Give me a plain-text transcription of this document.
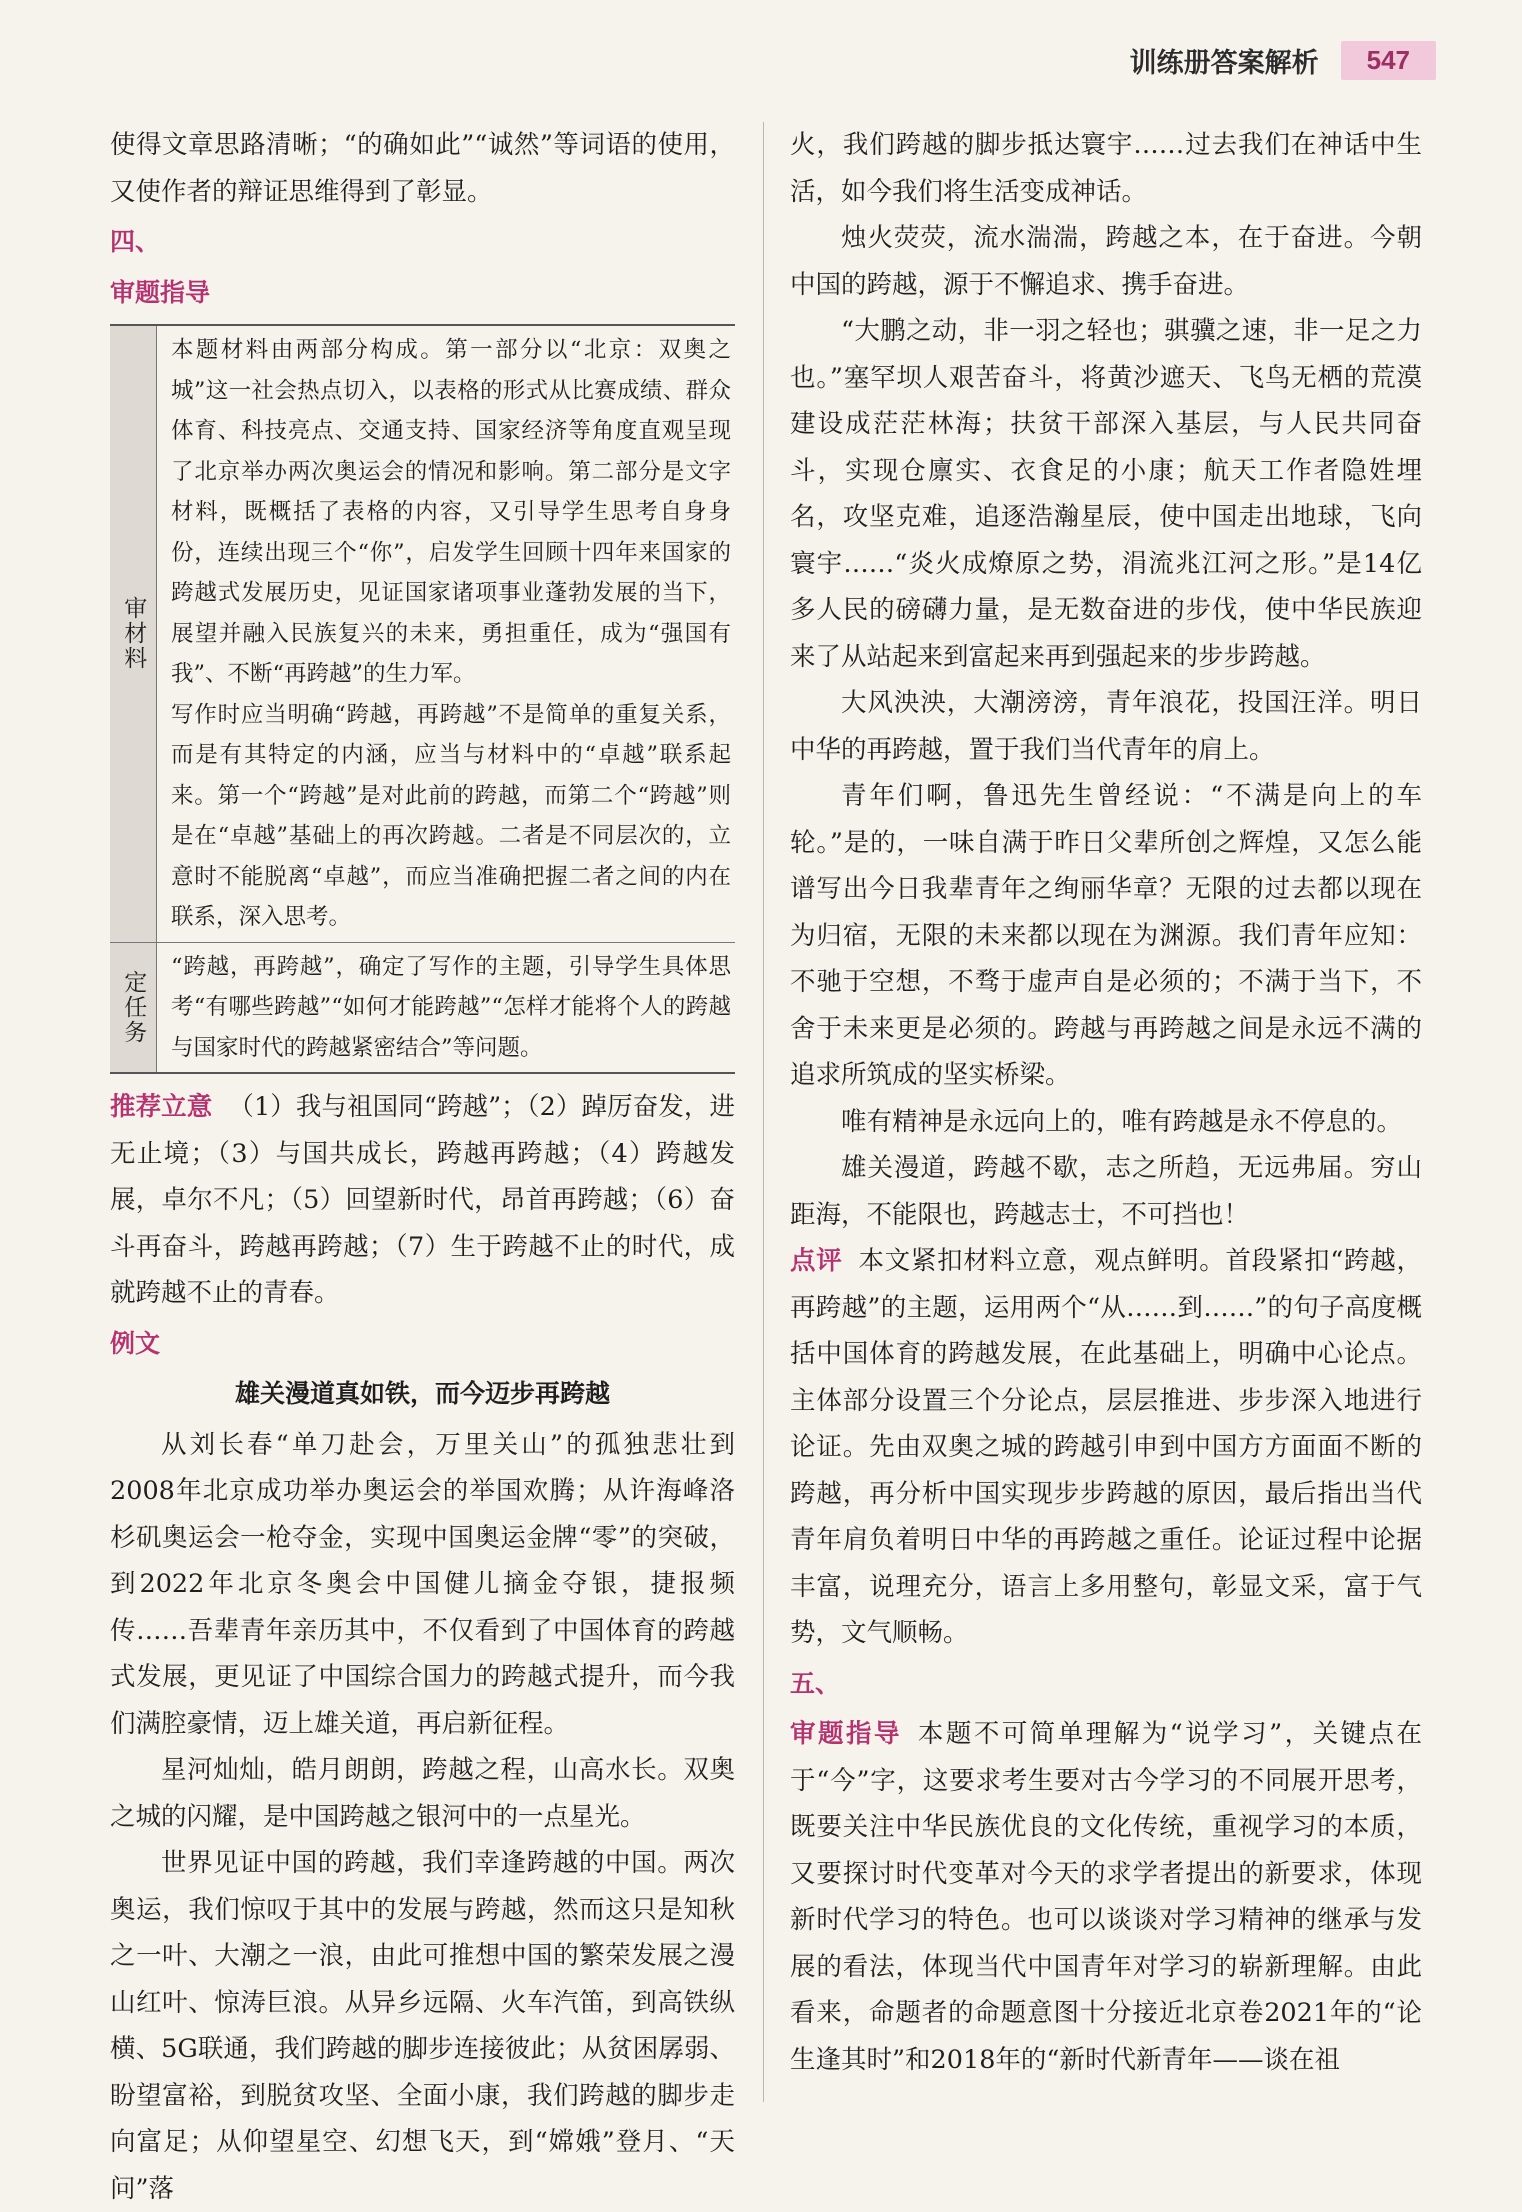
训练册答案解析	547

使得文章思路清晰；“的确如此”“诚然”等词语的使用，又使作者的辩证思维得到了彰显。

四、
审题指导
审材料

本题材料由两部分构成。第一部分以“北京：双奥之城”这一社会热点切入，以表格的形式从比赛成绩、群众体育、科技亮点、交通支持、国家经济等角度直观呈现了北京举办两次奥运会的情况和影响。第二部分是文字材料，既概括了表格的内容，又引导学生思考自身身份，连续出现三个“你”，启发学生回顾十四年来国家的跨越式发展历史，见证国家诸项事业蓬勃发展的当下，展望并融入民族复兴的未来，勇担重任，成为“强国有我”、不断“再跨越”的生力军。

写作时应当明确“跨越，再跨越”不是简单的重复关系，而是有其特定的内涵，应当与材料中的“卓越”联系起来。第一个“跨越”是对此前的跨越，而第二个“跨越”则是在“卓越”基础上的再次跨越。二者是不同层次的，立意时不能脱离“卓越”，而应当准确把握二者之间的内在联系，深入思考。

定任务

“跨越，再跨越”，确定了写作的主题，引导学生具体思考“有哪些跨越”“如何才能跨越”“怎样才能将个人的跨越与国家时代的跨越紧密结合”等问题。

推荐立意 （1）我与祖国同“跨越”；（2）踔厉奋发，进无止境；（3）与国共成长，跨越再跨越；（4）跨越发展，卓尔不凡；（5）回望新时代，昂首再跨越；（6）奋斗再奋斗，跨越再跨越；（7）生于跨越不止的时代，成就跨越不止的青春。

例文
雄关漫道真如铁，而今迈步再跨越

从刘长春“单刀赴会，万里关山”的孤独悲壮到2008年北京成功举办奥运会的举国欢腾；从许海峰洛杉矶奥运会一枪夺金，实现中国奥运金牌“零”的突破，到2022年北京冬奥会中国健儿摘金夺银，捷报频传……吾辈青年亲历其中，不仅看到了中国体育的跨越式发展，更见证了中国综合国力的跨越式提升，而今我们满腔豪情，迈上雄关道，再启新征程。

星河灿灿，皓月朗朗，跨越之程，山高水长。双奥之城的闪耀，是中国跨越之银河中的一点星光。

世界见证中国的跨越，我们幸逢跨越的中国。两次奥运，我们惊叹于其中的发展与跨越，然而这只是知秋之一叶、大潮之一浪，由此可推想中国的繁荣发展之漫山红叶、惊涛巨浪。从异乡远隔、火车汽笛，到高铁纵横、5G联通，我们跨越的脚步连接彼此；从贫困孱弱、盼望富裕，到脱贫攻坚、全面小康，我们跨越的脚步走向富足；从仰望星空、幻想飞天，到“嫦娥”登月、“天问”落

火，我们跨越的脚步抵达寰宇……过去我们在神话中生活，如今我们将生活变成神话。

烛火荧荧，流水湍湍，跨越之本，在于奋进。今朝中国的跨越，源于不懈追求、携手奋进。

“大鹏之动，非一羽之轻也；骐骥之速，非一足之力也。”塞罕坝人艰苦奋斗，将黄沙遮天、飞鸟无栖的荒漠建设成茫茫林海；扶贫干部深入基层，与人民共同奋斗，实现仓廪实、衣食足的小康；航天工作者隐姓埋名，攻坚克难，追逐浩瀚星辰，使中国走出地球，飞向寰宇……“炎火成燎原之势，涓流兆江河之形。”是14亿多人民的磅礴力量，是无数奋进的步伐，使中华民族迎来了从站起来到富起来再到强起来的步步跨越。

大风泱泱，大潮滂滂，青年浪花，投国汪洋。明日中华的再跨越，置于我们当代青年的肩上。

青年们啊，鲁迅先生曾经说：“不满是向上的车轮。”是的，一味自满于昨日父辈所创之辉煌，又怎么能谱写出今日我辈青年之绚丽华章？无限的过去都以现在为归宿，无限的未来都以现在为渊源。我们青年应知：不驰于空想，不骛于虚声自是必须的；不满于当下，不舍于未来更是必须的。跨越与再跨越之间是永远不满的追求所筑成的坚实桥梁。

唯有精神是永远向上的，唯有跨越是永不停息的。

雄关漫道，跨越不歇，志之所趋，无远弗届。穷山距海，不能限也，跨越志士，不可挡也！

点评 本文紧扣材料立意，观点鲜明。首段紧扣“跨越，再跨越”的主题，运用两个“从……到……”的句子高度概括中国体育的跨越发展，在此基础上，明确中心论点。主体部分设置三个分论点，层层推进、步步深入地进行论证。先由双奥之城的跨越引申到中国方方面面不断的跨越，再分析中国实现步步跨越的原因，最后指出当代青年肩负着明日中华的再跨越之重任。论证过程中论据丰富，说理充分，语言上多用整句，彰显文采，富于气势，文气顺畅。

五、

审题指导 本题不可简单理解为“说学习”，关键点在于“今”字，这要求考生要对古今学习的不同展开思考，既要关注中华民族优良的文化传统，重视学习的本质，又要探讨时代变革对今天的求学者提出的新要求，体现新时代学习的特色。也可以谈谈对学习精神的继承与发展的看法，体现当代中国青年对学习的崭新理解。由此看来，命题者的命题意图十分接近北京卷2021年的“论生逢其时”和2018年的“新时代新青年——谈在祖
